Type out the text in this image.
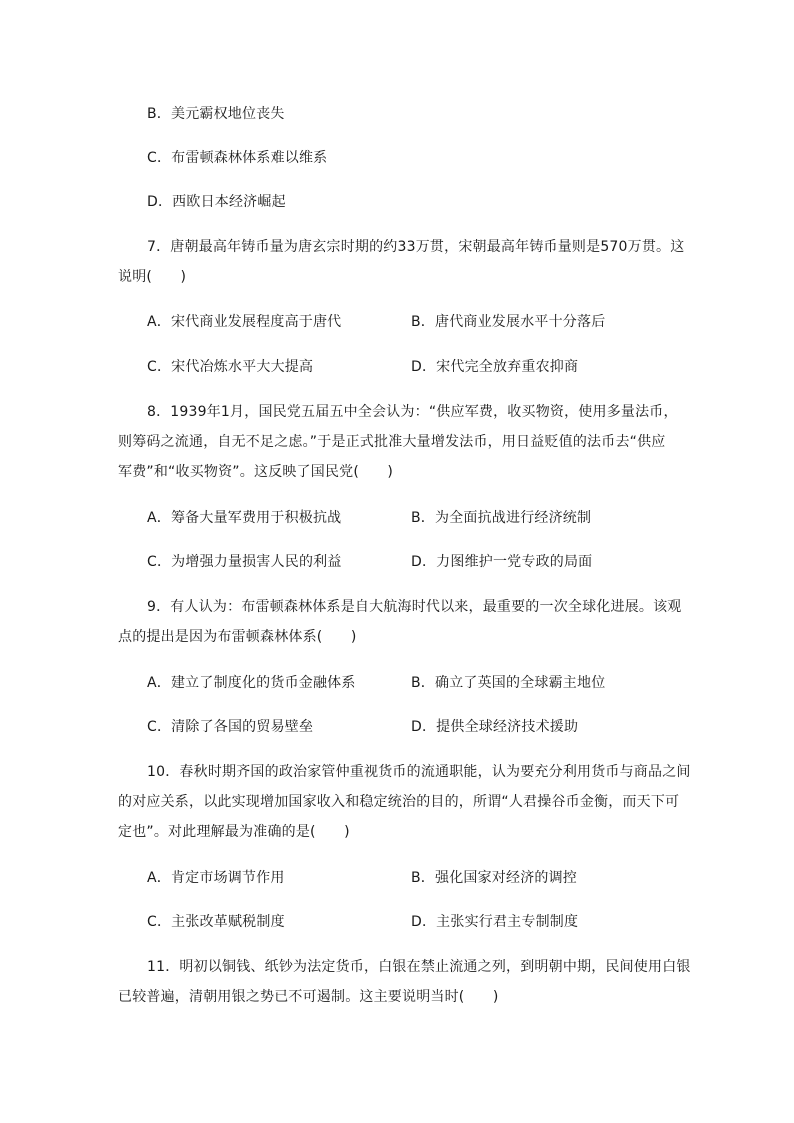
B．美元霸权地位丧失
C．布雷顿森林体系难以维系
D．西欧日本经济崛起
7．唐朝最高年铸币量为唐玄宗时期的约33万贯，宋朝最高年铸币量则是570万贯。这
说明(　　)
A．宋代商业发展程度高于唐代	B．唐代商业发展水平十分落后
C．宋代冶炼水平大大提高	D．宋代完全放弃重农抑商
8．1939年1月，国民党五届五中全会认为：“供应军费，收买物资，使用多量法币，
则筹码之流通，自无不足之虑。”于是正式批准大量增发法币，用日益贬值的法币去“供应
军费”和“收买物资”。这反映了国民党(　　)
A．筹备大量军费用于积极抗战	B．为全面抗战进行经济统制
C．为增强力量损害人民的利益	D．力图维护一党专政的局面
9．有人认为：布雷顿森林体系是自大航海时代以来，最重要的一次全球化进展。该观
点的提出是因为布雷顿森林体系(　　)
A．建立了制度化的货币金融体系	B．确立了英国的全球霸主地位
C．清除了各国的贸易壁垒	D．提供全球经济技术援助
10．春秋时期齐国的政治家管仲重视货币的流通职能，认为要充分利用货币与商品之间
的对应关系，以此实现增加国家收入和稳定统治的目的，所谓“人君操谷币金衡，而天下可
定也”。对此理解最为准确的是(　　)
A．肯定市场调节作用	B．强化国家对经济的调控
C．主张改革赋税制度	D．主张实行君主专制制度
11．明初以铜钱、纸钞为法定货币，白银在禁止流通之列，到明朝中期，民间使用白银
已较普遍，清朝用银之势已不可遏制。这主要说明当时(　　)
